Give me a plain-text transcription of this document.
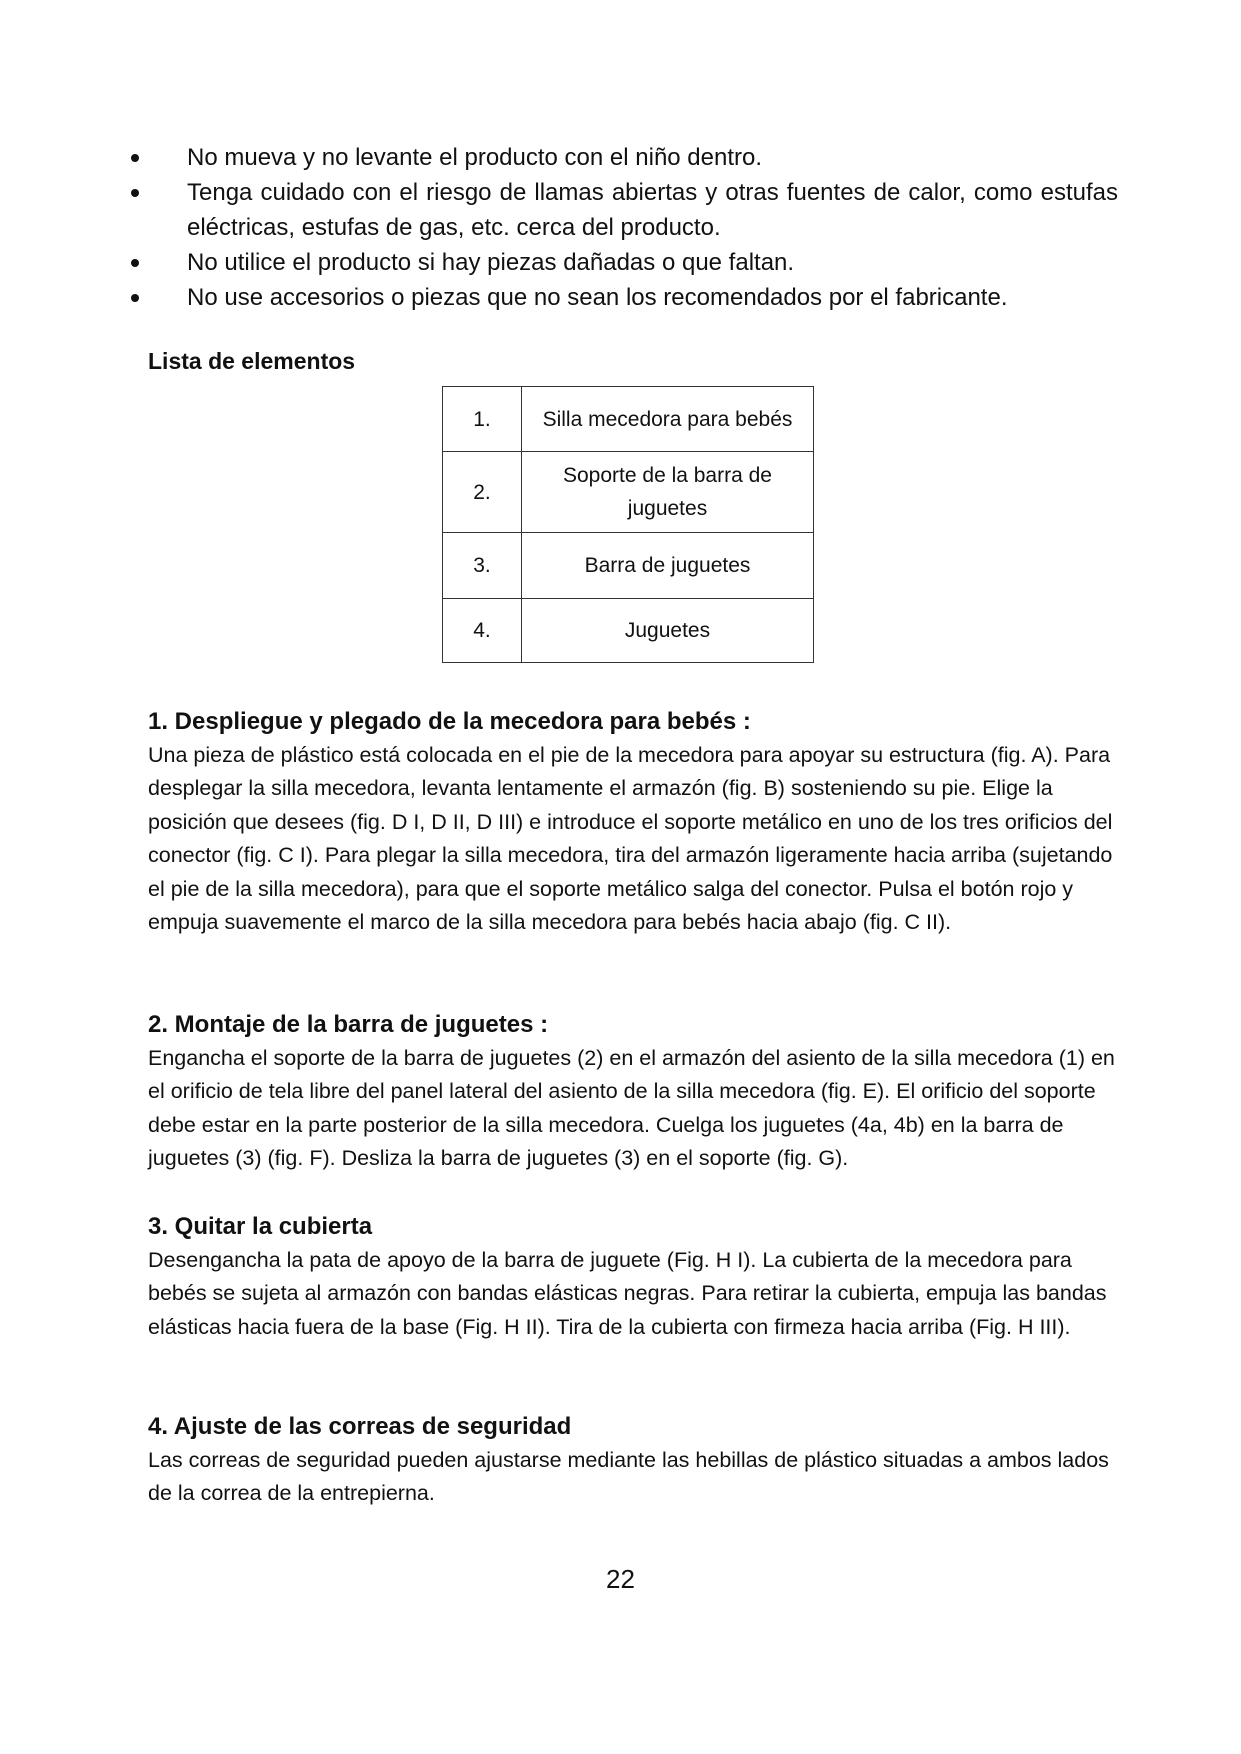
No mueva y no levante el producto con el niño dentro.
Tenga cuidado con el riesgo de llamas abiertas y otras fuentes de calor, como estufas eléctricas, estufas de gas, etc. cerca del producto.
No utilice el producto si hay piezas dañadas o que faltan.
No use accesorios o piezas que no sean los recomendados por el fabricante.
Lista de elementos
1.	Silla mecedora para bebés
2.	Soporte de la barra de juguetes
3.	Barra de juguetes
4.	Juguetes
1. Despliegue y plegado de la mecedora para bebés :

Una pieza de plástico está colocada en el pie de la mecedora para apoyar su estructura (fig. A). Para desplegar la silla mecedora, levanta lentamente el armazón (fig. B) sosteniendo su pie. Elige la posición que desees (fig. D I, D II, D III) e introduce el soporte metálico en uno de los tres orificios del conector (fig. C I). Para plegar la silla mecedora, tira del armazón ligeramente hacia arriba (sujetando el pie de la silla mecedora), para que el soporte metálico salga del conector. Pulsa el botón rojo y empuja suavemente el marco de la silla mecedora para bebés hacia abajo (fig. C II).

2. Montaje de la barra de juguetes :

Engancha el soporte de la barra de juguetes (2) en el armazón del asiento de la silla mecedora (1) en el orificio de tela libre del panel lateral del asiento de la silla mecedora (fig. E). El orificio del soporte debe estar en la parte posterior de la silla mecedora. Cuelga los juguetes (4a, 4b) en la barra de juguetes (3) (fig. F). Desliza la barra de juguetes (3) en el soporte (fig. G).

3. Quitar la cubierta

Desengancha la pata de apoyo de la barra de juguete (Fig. H I). La cubierta de la mecedora para bebés se sujeta al armazón con bandas elásticas negras. Para retirar la cubierta, empuja las bandas elásticas hacia fuera de la base (Fig. H II). Tira de la cubierta con firmeza hacia arriba (Fig. H III).

4. Ajuste de las correas de seguridad

Las correas de seguridad pueden ajustarse mediante las hebillas de plástico situadas a ambos lados de la correa de la entrepierna.

22
